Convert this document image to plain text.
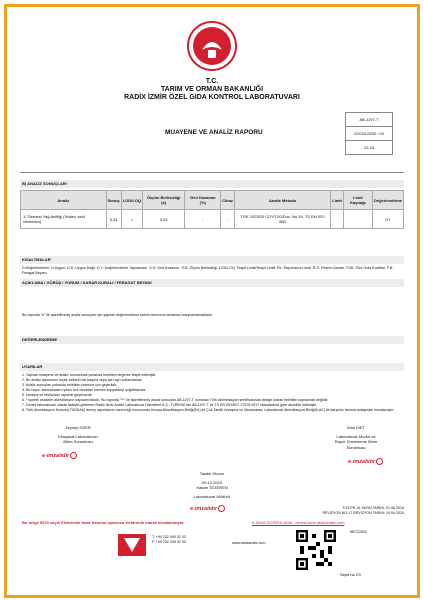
T.C.
TARIM VE ORMAN BAKANLIĞI
RADİX İZMİR ÖZEL GIDA KONTROL LABORATUVARI
MUAYENE VE ANALİZ RAPORU
AB-1197-T
G2024-0932 / 00
12-24
B) ANALİZ SONUÇLARI
Analiz	Sonuç	LOD/LOQ	Ölçüm Belirsizliği (±)	Geri Kazanım (%)	Cihaz	Analiz Metodu	Limit	Limit Kaynağı	Değerlendirme
1-"Serbest Yağ Asitliği (%oleic acid cinsinden)	0,31	>	0,02	-	-	TGK 2023/20 COVT.20/Doc. No 34, TS EN ISO 660			DY
KISALTMALAR
D:Değerlendirme. U:Uygun. U.D: Uygun Değil. D.Y: Değerlendirme Yapılamadı. G.K: Geri Kazanım. Ö.B: Ölçüm Belirsizliği. LOD/LOQ: Tespit Limiti/Tespit Limiti. RL: Raporlama Limiti. R.G: Resmi Gazete. TGK: Türk Gıda Kodeksi. F.B: Feragat Beyanı
AÇIKLAMA / GÖRÜŞ / YORUM / KARAR KURALI / FERAGAT BEYANI
Bu raporda "#" ile işaretlenmiş analiz sonuçları için yapılan değerlendirme kalıntı tanımının tamamını karşılamamaktadır.
DEĞERLENDİRME
UYARILAR
1. Yapılan muayene ve analiz sonucunda yukarıda belirtilen değerler tespit edilmiştir.
2. Bu analiz raporunun hiçbir bölümü tek başına veya ayrı ayrı kullanılamaz.
3. Analiz sonuçları yukarıda belirtilen numune için geçerlidir.
4. Bu rapor, laboratuvarın yazılı izni olmadan kısmen kopyalanıp çoğaltılamaz.
5. İmzasız ve mühürsüz raporlar geçersizdir.
6. * işaretli analizler akreditasyon kapsamındadır. Bu raporda "**" ile işaretlenmiş analiz sonuçları AB-1197-T numaralı Türk Akreditasyon sertifikasında detaylı olarak belirtilen kapsamda değildir.
7. Deney laboratuvarı olarak faaliyet gösteren Radix İzmir Analiz Laboratuvar Hizmetleri A.Ş., TÜRKAK'tan AB-1197-T ile TS EN ISO/IEC 17025:2017 standardına göre akredite edilmiştir.
8. Türk Akreditasyon Kurumu(TÜRKAK) deney raporlarının tanınırlığı konusunda Avrupa Akreditasyon Birliği(EA) ile Çok Taraflı Anlaşma ve Uluslararası Laboratuvar Akreditasyon Birliği(ILAC) ile karşılıklı tanıma anlaşması imzalamıştır.
Zeynep ÖZER
Kimyasal Laboratuvarı
Birim Sorumlusu
e-imzalıdır
İrfan ISET
Laboratuvar Mudur ve
Rapor Düzenleme Birim
Sorumlusu
e-imzalıdır
Tasdik Olunur
09.12.2024
Hakan TEZEREN
Laboratuvar Müdürü
e-imzalıdır	F.03.PR.16 YAYIN TARİHİ: 01.06.2016
REVİZYON NO:17 REVİZYON TARİHİ: 19.04.2024
Bu belge 5070 sayılı Elektronik İmza Kanunu uyarınca elektronik olarak imzalanmıştır.	E-İMZA DOĞRULAMA : eimza-izmir.radixanaliz.com
8EC22631
T. +90 232 400 02 02
F. +90 232 435 02 03	www.radixanaliz.com
Sayfa No 2/3
